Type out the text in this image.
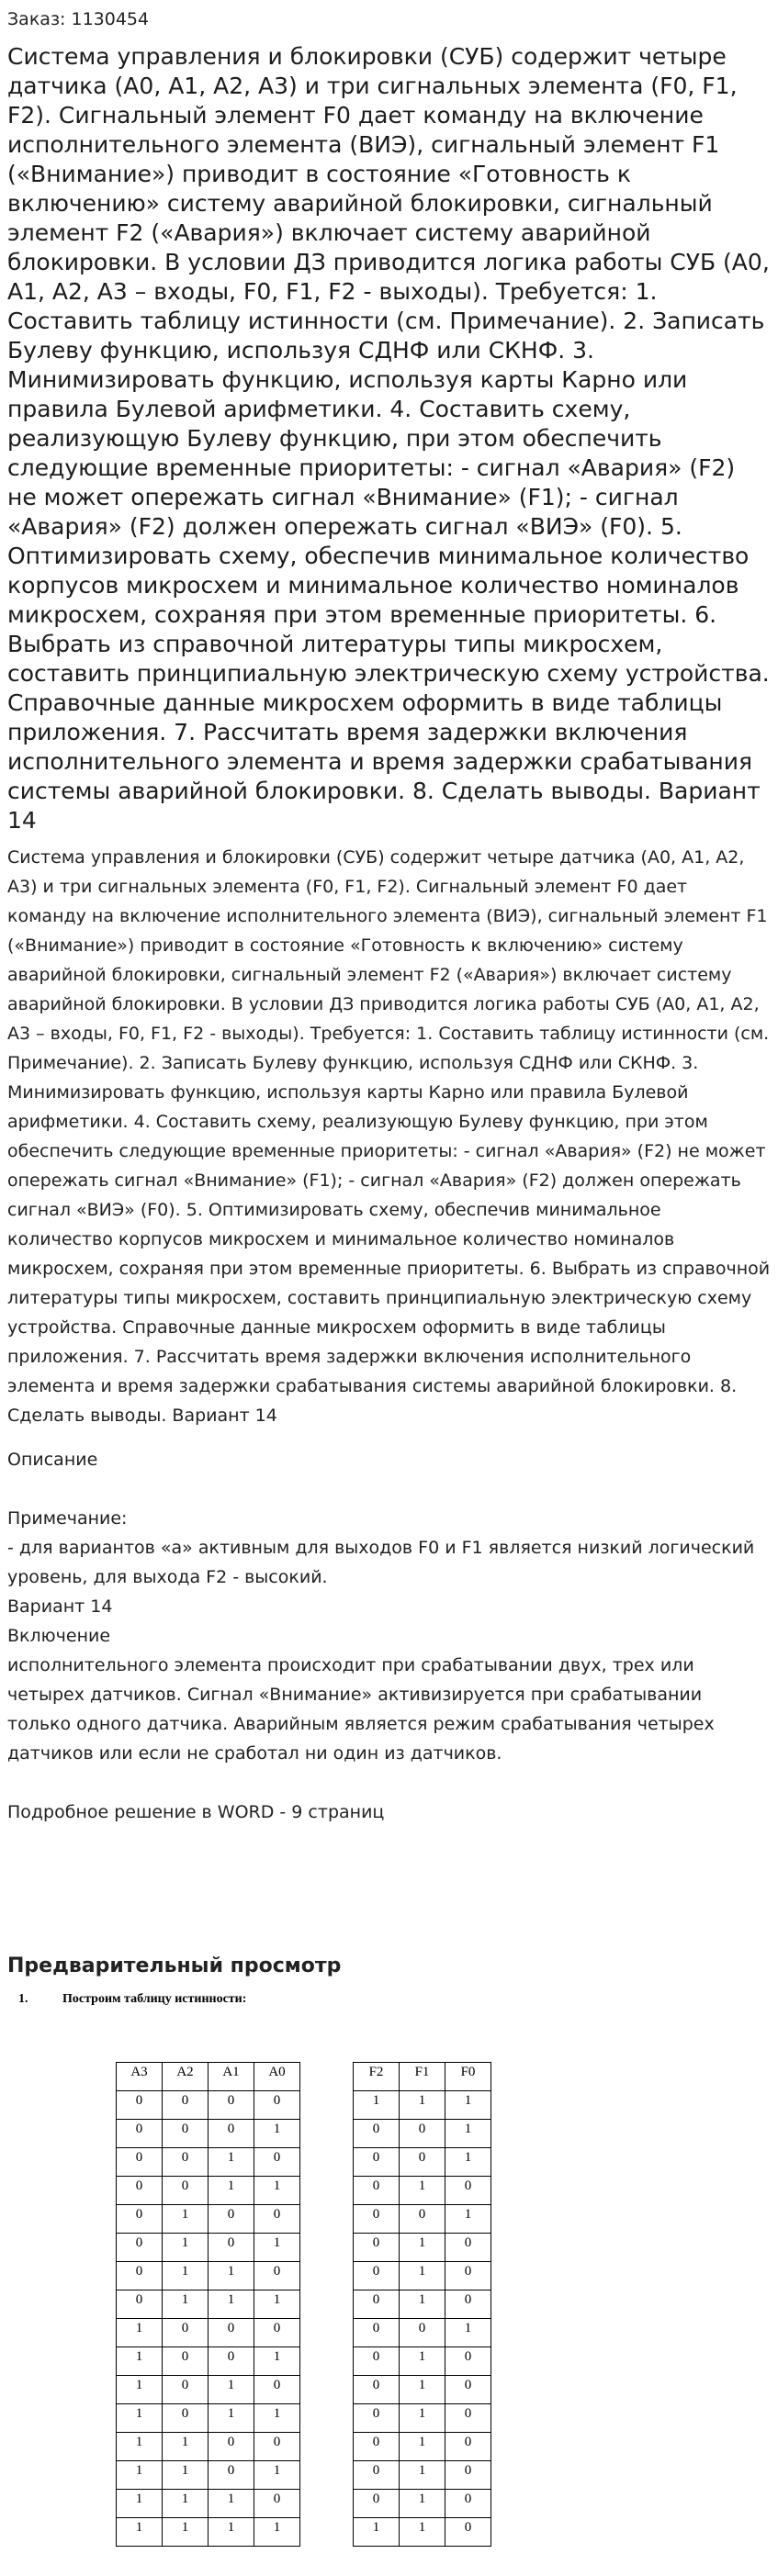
Заказ: 1130454
Система управления и блокировки (СУБ) содержит четыре датчика (А0, А1, А2, А3) и три сигнальных элемента (F0, F1, F2). Сигнальный элемент F0 дает команду на включение исполнительного элемента (ВИЭ), сигнальный элемент F1 («Внимание») приводит в состояние «Готовность к включению» систему аварийной блокировки, сигнальный элемент F2 («Авария») включает систему аварийной блокировки. В условии ДЗ приводится логика работы СУБ (А0, А1, А2, А3 – входы, F0, F1, F2 - выходы). Требуется: 1. Составить таблицу истинности (см. Примечание). 2. Записать Булеву функцию, используя СДНФ или СКНФ. 3. Минимизировать функцию, используя карты Карно или правила Булевой арифметики. 4. Составить схему, реализующую Булеву функцию, при этом обеспечить следующие временные приоритеты: - сигнал «Авария» (F2) не может опережать сигнал «Внимание» (F1); - сигнал «Авария» (F2) должен опережать сигнал «ВИЭ» (F0). 5. Оптимизировать схему, обеспечив минимальное количество корпусов микросхем и минимальное количество номиналов микросхем, сохраняя при этом временные приоритеты. 6. Выбрать из справочной литературы типы микросхем, составить принципиальную электрическую схему устройства. Справочные данные микросхем оформить в виде таблицы приложения. 7. Рассчитать время задержки включения исполнительного элемента и время задержки срабатывания системы аварийной блокировки. 8. Сделать выводы. Вариант 14

Система управления и блокировки (СУБ) содержит четыре датчика (А0, А1, А2, А3) и три сигнальных элемента (F0, F1, F2). Сигнальный элемент F0 дает команду на включение исполнительного элемента (ВИЭ), сигнальный элемент F1 («Внимание») приводит в состояние «Готовность к включению» систему аварийной блокировки, сигнальный элемент F2 («Авария») включает систему аварийной блокировки. В условии ДЗ приводится логика работы СУБ (А0, А1, А2, А3 – входы, F0, F1, F2 - выходы). Требуется: 1. Составить таблицу истинности (см. Примечание). 2. Записать Булеву функцию, используя СДНФ или СКНФ. 3. Минимизировать функцию, используя карты Карно или правила Булевой арифметики. 4. Составить схему, реализующую Булеву функцию, при этом обеспечить следующие временные приоритеты: - сигнал «Авария» (F2) не может опережать сигнал «Внимание» (F1); - сигнал «Авария» (F2) должен опережать сигнал «ВИЭ» (F0). 5. Оптимизировать схему, обеспечив минимальное количество корпусов микросхем и минимальное количество номиналов микросхем, сохраняя при этом временные приоритеты. 6. Выбрать из справочной литературы типы микросхем, составить принципиальную электрическую схему устройства. Справочные данные микросхем оформить в виде таблицы приложения. 7. Рассчитать время задержки включения исполнительного элемента и время задержки срабатывания системы аварийной блокировки. 8. Сделать выводы. Вариант 14

Описание

Примечание:
- для вариантов «а» активным для выходов F0 и F1 является низкий логический уровень, для выхода F2 - высокий.
Вариант 14
Включение
исполнительного элемента происходит при срабатывании двух, трех или четырех датчиков. Сигнал «Внимание» активизируется при срабатывании только одного датчика. Аварийным является режим срабатывания четырех датчиков или если не сработал ни один из датчиков.

Подробное решение в WORD - 9 страниц

Предварительный просмотр
1.	Построим таблицу истинности:
A3	A2	A1	A0
0	0	0	0
0	0	0	1
0	0	1	0
0	0	1	1
0	1	0	0
0	1	0	1
0	1	1	0
0	1	1	1
1	0	0	0
1	0	0	1
1	0	1	0
1	0	1	1
1	1	0	0
1	1	0	1
1	1	1	0
1	1	1	1
F2	F1	F0
1	1	1
0	0	1
0	0	1
0	1	0
0	0	1
0	1	0
0	1	0
0	1	0
0	0	1
0	1	0
0	1	0
0	1	0
0	1	0
0	1	0
0	1	0
1	1	0
